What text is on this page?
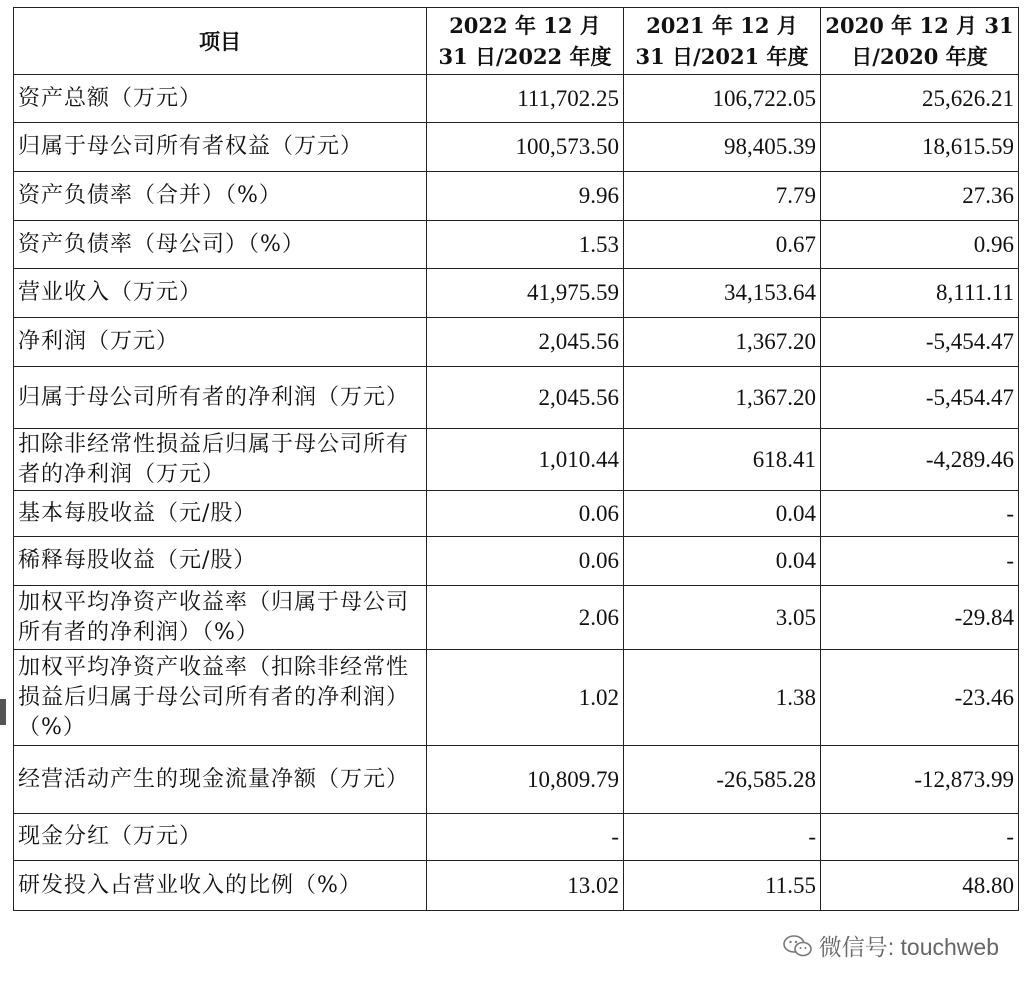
项目	2022 年 12 月 31 日/2022 年度	2021 年 12 月 31 日/2021 年度	2020 年 12 月 31 日/2020 年度
资产总额（万元）	111,702.25	106,722.05	25,626.21
归属于母公司所有者权益（万元）	100,573.50	98,405.39	18,615.59
资产负债率（合并）（%）	9.96	7.79	27.36
资产负债率（母公司）（%）	1.53	0.67	0.96
营业收入（万元）	41,975.59	34,153.64	8,111.11
净利润（万元）	2,045.56	1,367.20	-5,454.47
归属于母公司所有者的净利润（万元）	2,045.56	1,367.20	-5,454.47
扣除非经常性损益后归属于母公司所有者的净利润（万元）	1,010.44	618.41	-4,289.46
基本每股收益（元/股）	0.06	0.04	-
稀释每股收益（元/股）	0.06	0.04	-
加权平均净资产收益率（归属于母公司所有者的净利润）（%）	2.06	3.05	-29.84
加权平均净资产收益率（扣除非经常性损益后归属于母公司所有者的净利润）（%）	1.02	1.38	-23.46
经营活动产生的现金流量净额（万元）	10,809.79	-26,585.28	-12,873.99
现金分红（万元）	-	-	-
研发投入占营业收入的比例（%）	13.02	11.55	48.80
微信号: touchweb
